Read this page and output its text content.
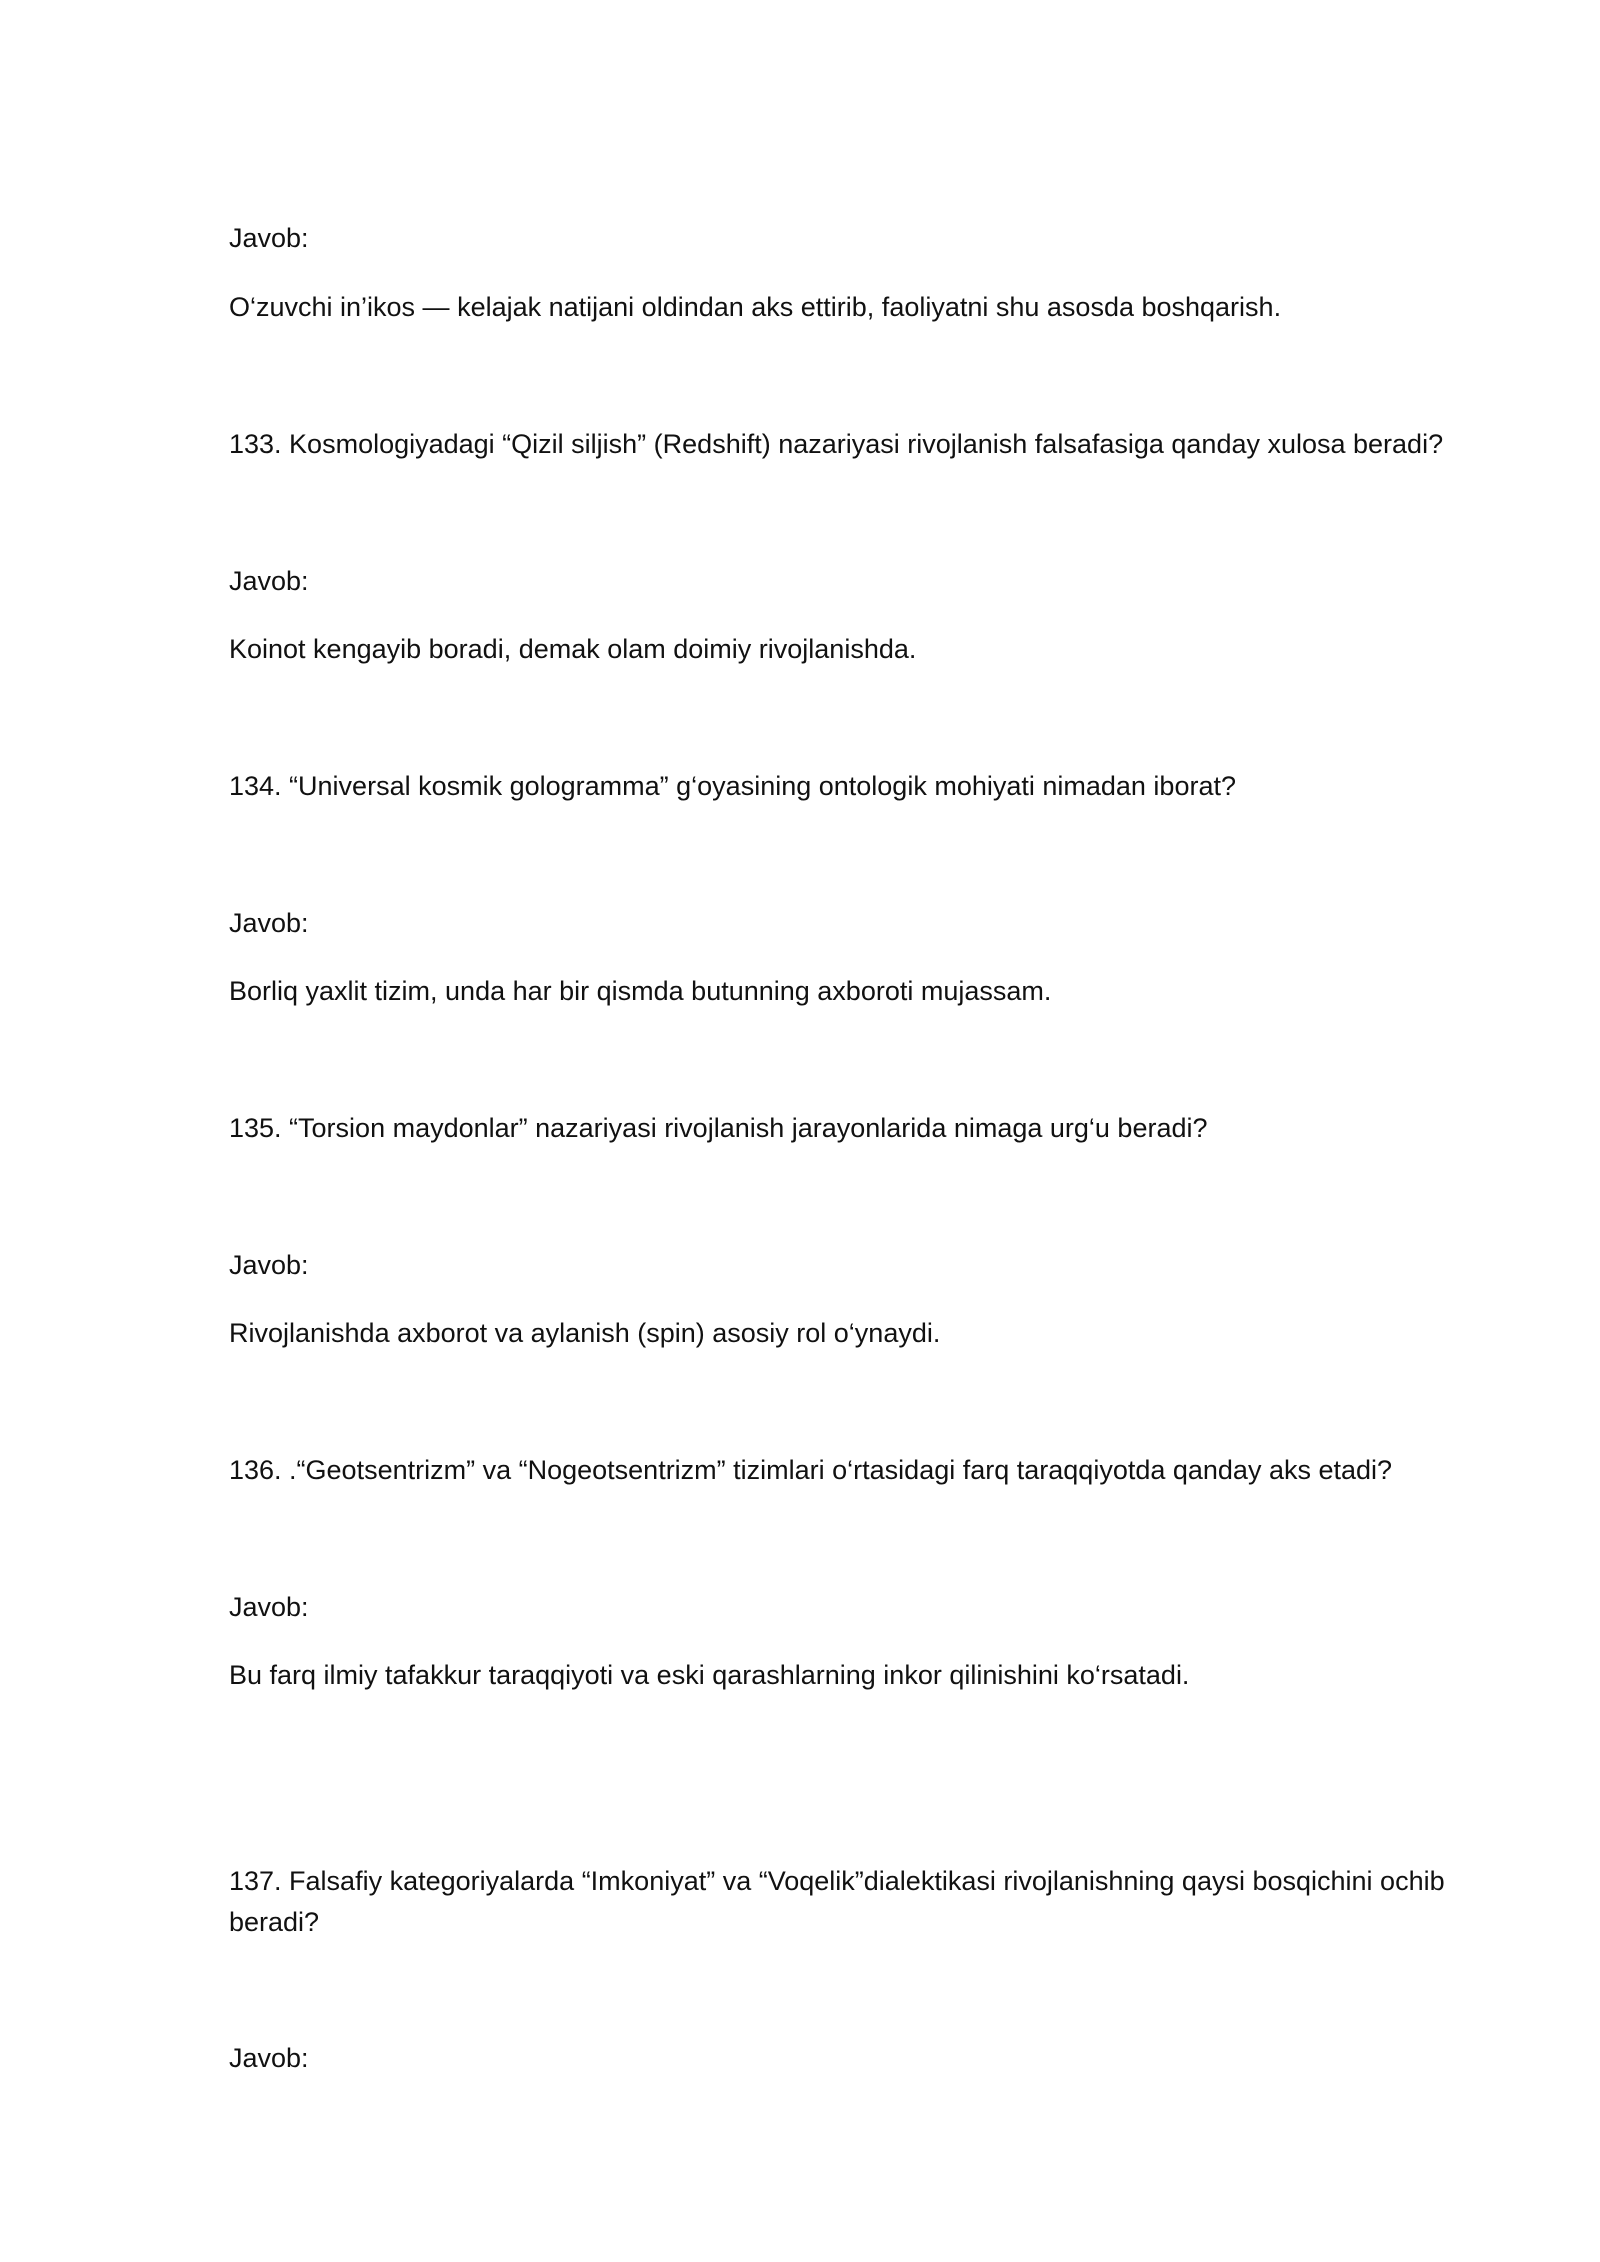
Javob:
O‘zuvchi in’ikos — kelajak natijani oldindan aks ettirib, faoliyatni shu asosda boshqarish.
133. Kosmologiyadagi “Qizil siljish” (Redshift) nazariyasi rivojlanish falsafasiga qanday xulosa beradi?
Javob:
Koinot kengayib boradi, demak olam doimiy rivojlanishda.
134. “Universal kosmik gologramma” g‘oyasining ontologik mohiyati nimadan iborat?
Javob:
Borliq yaxlit tizim, unda har bir qismda butunning axboroti mujassam.
135. “Torsion maydonlar” nazariyasi rivojlanish jarayonlarida nimaga urg‘u beradi?
Javob:
Rivojlanishda axborot va aylanish (spin) asosiy rol o‘ynaydi.
136. .“Geotsentrizm” va “Nogeotsentrizm” tizimlari o‘rtasidagi farq taraqqiyotda qanday aks etadi?
Javob:
Bu farq ilmiy tafakkur taraqqiyoti va eski qarashlarning inkor qilinishini ko‘rsatadi.
137. Falsafiy kategoriyalarda “Imkoniyat” va “Voqelik”dialektikasi rivojlanishning qaysi bosqichini ochib beradi?
Javob:
